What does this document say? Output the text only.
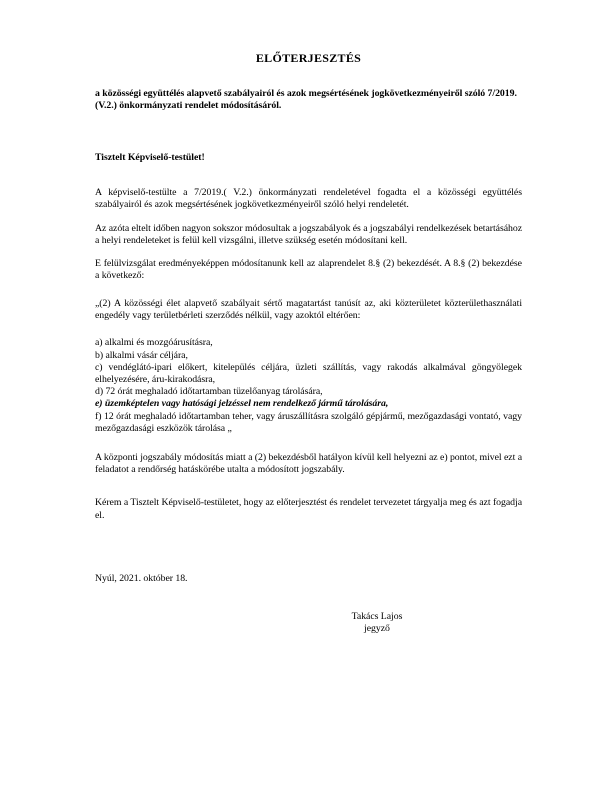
ELŐTERJESZTÉS

a közösségi együttélés alapvető szabályairól és azok megsértésének jogkövetkezményeiről szóló 7/2019.(V.2.) önkormányzati rendelet módosításáról.

Tisztelt Képviselő-testület!

A képviselő-testülte a 7/2019.( V.2.) önkormányzati rendeletével fogadta el a közösségi együttélés szabályairól és azok megsértésének jogkövetkezményeiről szóló helyi rendeletét.

Az azóta eltelt időben nagyon sokszor módosultak a jogszabályok és a jogszabályi rendelkezések betartásához a helyi rendeleteket is felül kell vizsgálni, illetve szükség esetén módosítani kell.

E felülvizsgálat eredményeképpen módosítanunk kell az alaprendelet 8.§ (2) bekezdését. A 8.§ (2) bekezdése a következő:

„(2) A közösségi élet alapvető szabályait sértő magatartást tanúsít az, aki közterületet közterülethasználati engedély vagy területbérleti szerződés nélkül, vagy azoktól eltérően:

a) alkalmi és mozgóárusításra,

b) alkalmi vásár céljára,

c) vendéglátó-ipari előkert, kitelepülés céljára, üzleti szállítás, vagy rakodás alkalmával göngyölegek elhelyezésére, áru-kirakodásra,

d) 72 órát meghaladó időtartamban tüzelőanyag tárolására,

e) üzemképtelen vagy hatósági jelzéssel nem rendelkező jármű tárolására,

f) 12 órát meghaladó időtartamban teher, vagy áruszállításra szolgáló gépjármű, mezőgazdasági vontató, vagy mezőgazdasági eszközök tárolása „

A központi jogszabály módosítás miatt a (2) bekezdésből hatályon kívül kell helyezni az e) pontot, mivel ezt a feladatot a rendőrség hatáskörébe utalta a módosított jogszabály.

Kérem a Tisztelt Képviselő-testületet, hogy az előterjesztést és rendelet tervezetet tárgyalja meg és azt fogadja el.

Nyúl, 2021. október 18.

Takács Lajos
jegyző
